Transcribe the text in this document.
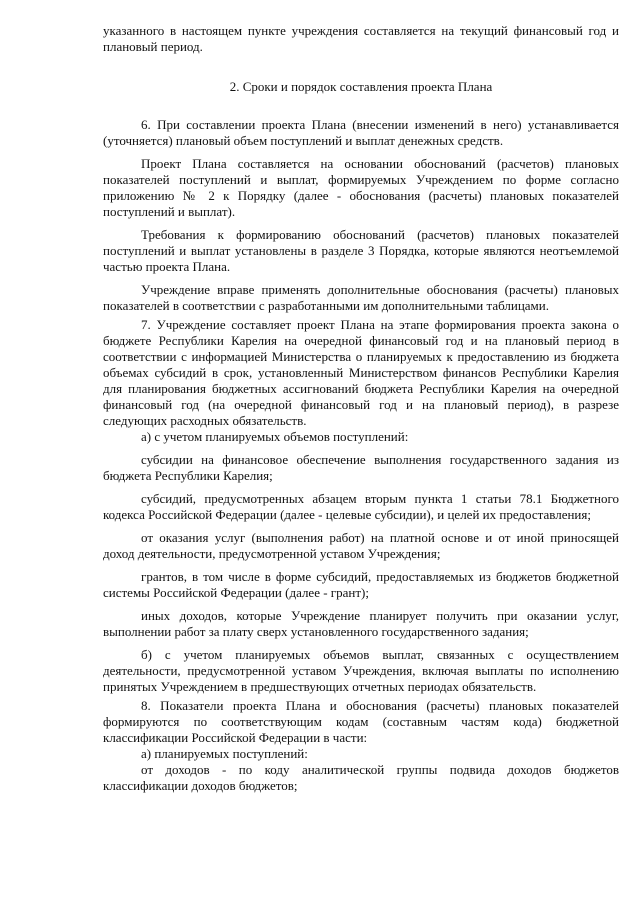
указанного в настоящем пункте учреждения составляется на текущий финансовый год и плановый период.

2. Сроки и порядок составления проекта Плана

6. При составлении проекта Плана (внесении изменений в него) устанавливается (уточняется) плановый объем поступлений и выплат денежных средств.

Проект Плана составляется на основании обоснований (расчетов) плановых показателей поступлений и выплат, формируемых Учреждением по форме согласно приложению № 2 к Порядку (далее - обоснования (расчеты) плановых показателей поступлений и выплат).

Требования к формированию обоснований (расчетов) плановых показателей поступлений и выплат установлены в разделе 3 Порядка, которые являются неотъемлемой частью проекта Плана.

Учреждение вправе применять дополнительные обоснования (расчеты) плановых показателей в соответствии с разработанными им дополнительными таблицами.

7. Учреждение составляет проект Плана на этапе формирования проекта закона о бюджете Республики Карелия на очередной финансовый год и на плановый период в соответствии с информацией Министерства о планируемых к предоставлению из бюджета объемах субсидий в срок, установленный Министерством финансов Республики Карелия для планирования бюджетных ассигнований бюджета Республики Карелия на очередной финансовый год (на очередной финансовый год и на плановый период), в разрезе следующих расходных обязательств.

а) с учетом планируемых объемов поступлений:

субсидии на финансовое обеспечение выполнения государственного задания из бюджета Республики Карелия;

субсидий, предусмотренных абзацем вторым пункта 1 статьи 78.1 Бюджетного кодекса Российской Федерации (далее - целевые субсидии), и целей их предоставления;

от оказания услуг (выполнения работ) на платной основе и от иной приносящей доход деятельности, предусмотренной уставом Учреждения;

грантов, в том числе в форме субсидий, предоставляемых из бюджетов бюджетной системы Российской Федерации (далее - грант);

иных доходов, которые Учреждение планирует получить при оказании услуг, выполнении работ за плату сверх установленного государственного задания;

б) с учетом планируемых объемов выплат, связанных с осуществлением деятельности, предусмотренной уставом Учреждения, включая выплаты по исполнению принятых Учреждением в предшествующих отчетных периодах обязательств.

8. Показатели проекта Плана и обоснования (расчеты) плановых показателей формируются по соответствующим кодам (составным частям кода) бюджетной классификации Российской Федерации в части:

а) планируемых поступлений:

от доходов - по коду аналитической группы подвида доходов бюджетов классификации доходов бюджетов;
